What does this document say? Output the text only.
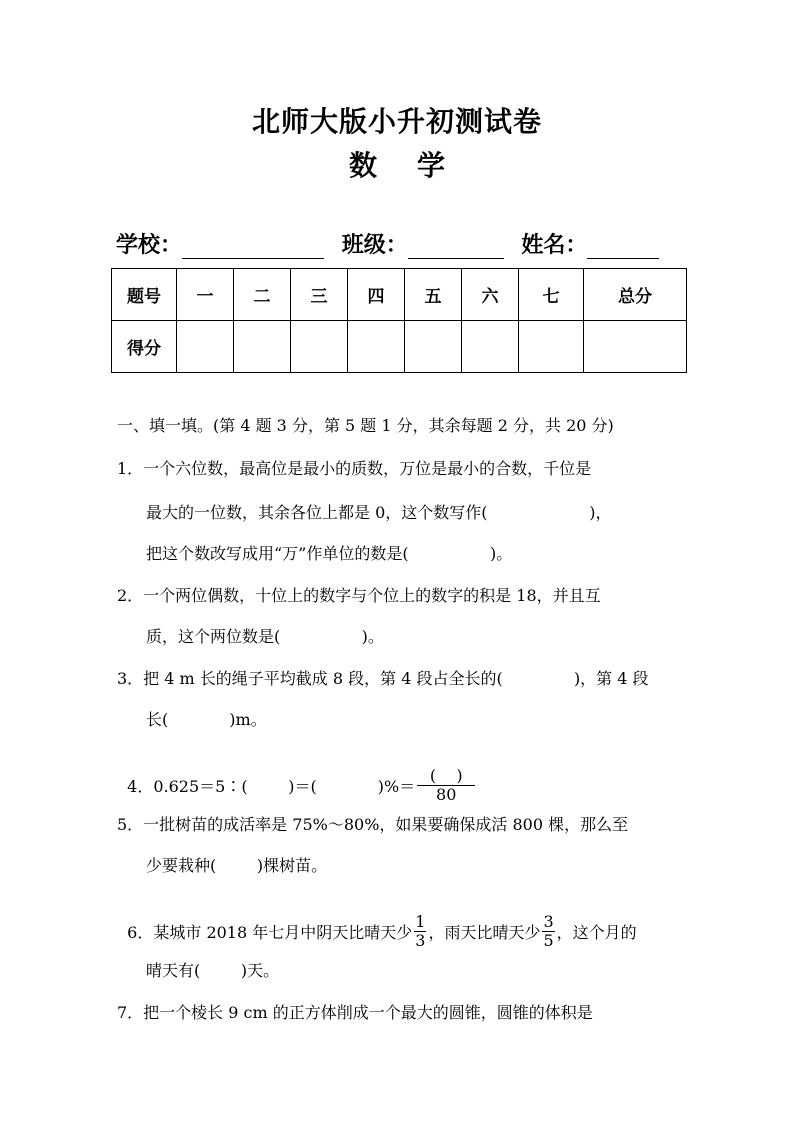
北师大版小升初测试卷
数学
学校：	班级：	姓名：
题号	一	二	三	四	五	六	七	总分
得分								
一、填一填。(第 4 题 3 分，第 5 题 1 分，其余每题 2 分，共 20 分)
1．一个六位数，最高位是最小的质数，万位是最小的合数，千位是
最大的一位数，其余各位上都是 0，这个数写作(                    )，
把这个数改写成用“万”作单位的数是(                )。
2．一个两位偶数，十位上的数字与个位上的数字的积是 18，并且互
质，这个两位数是(                )。
3．把 4 m 长的绳子平均截成 8 段，第 4 段占全长的(              )，第 4 段
长(            )m。

4．0.625＝5∶(        )＝(            )%＝ $\frac{( )}{80}$

5．一批树苗的成活率是 75%～80%，如果要确保成活 800 棵，那么至
少要栽种(        )棵树苗。

6．某城市 2018 年七月中阴天比晴天少 $\frac{1}{3}$ ，雨天比晴天少 $\frac{3}{5}$ ，这个月的

晴天有(        )天。
7．把一个棱长 9 cm 的正方体削成一个最大的圆锥，圆锥的体积是
